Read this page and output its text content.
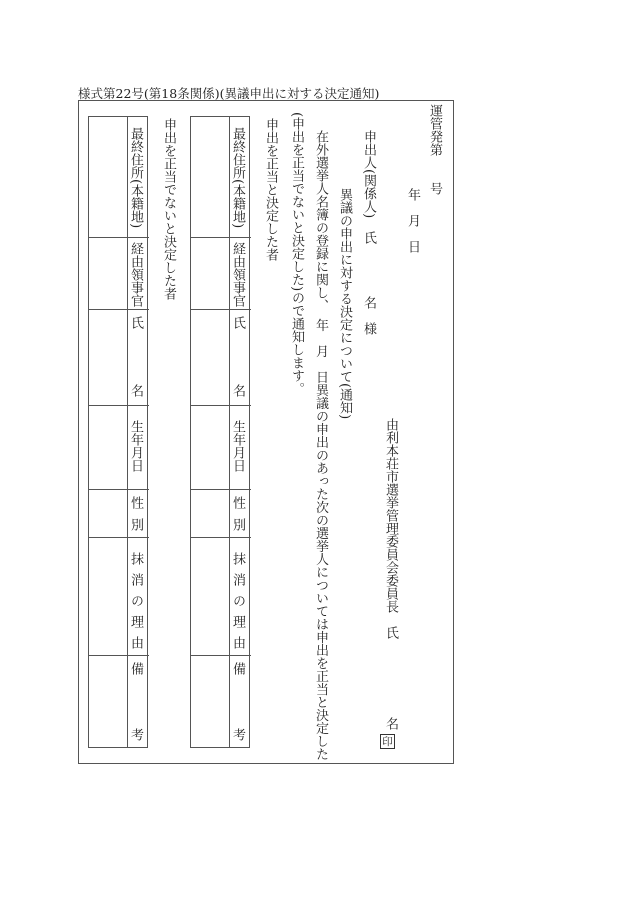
様式第22号(第18条関係)(異議申出に対する決定通知)
運管発第　　号
年　月　日
申出人(関係人)　氏　　　　名　様
由利本荘市選挙管理委員会委員長　氏　　　　　　名
印
異議の申出に対する決定について(通知)
在外選挙人名簿の登録に関し、　年　月　日異議の申出のあった次の選挙人については申出を正当と決定した
(申出を正当でないと決定した)ので通知します。
申出を正当と決定した者
申出を正当でないと決定した者	最終住所(本籍地)
経由領事官
氏
名
生年月日
性
別
抹消の理由
備
考
最終住所(本籍地)
経由領事官
氏
名
生年月日
性
別
抹消の理由
備
考
